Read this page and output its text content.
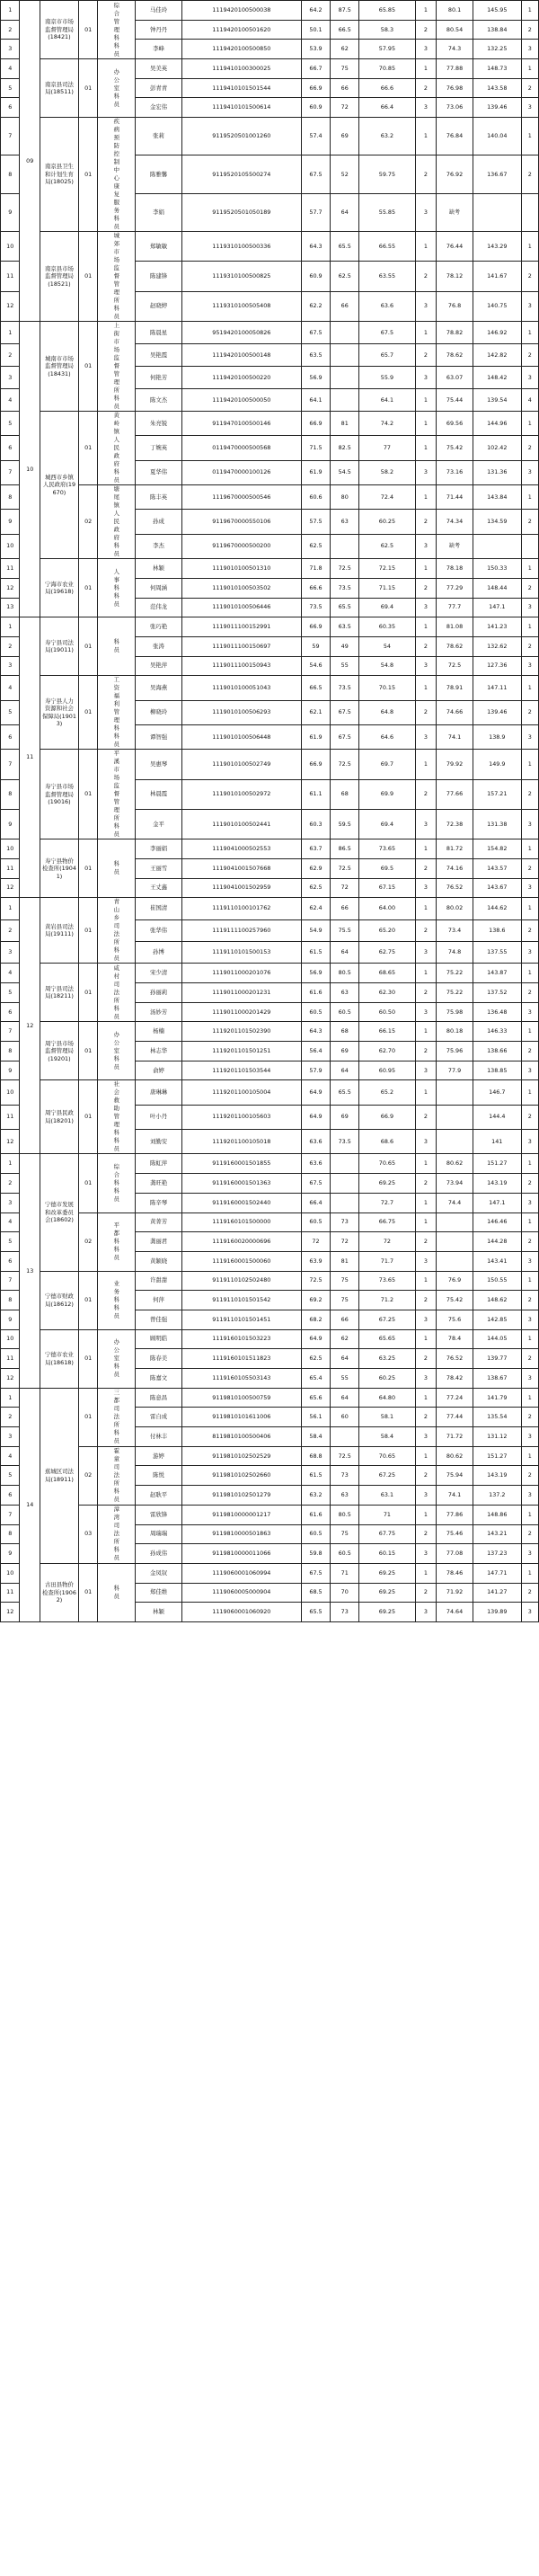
1	09	南京市市场监督管理局(18421)	01	综合管理科科员	马佳玲	1119420100500038	64.2	87.5	65.85	1	80.1	145.95	1
2					钟丹丹	1119420100501620	50.1	66.5	58.3	2	80.54	138.84	2
3					李峰	1119420100500850	53.9	62	57.95	3	74.3	132.25	3
4		南京县司法局(18511)	01	办公室科员	吴美英	1119410100300025	66.7	75	70.85	1	77.88	148.73	1
5					彭青青	1119410101501544	66.9	66	66.6	2	76.98	143.58	2
6					金宏伟	1119410101500614	60.9	72	66.4	3	73.06	139.46	3
7		南京县卫生和计划生育局(18025)	01	疾病预防控制中心康复服务科员	张莉	9119520501001260	57.4	69	63.2	1	76.84	140.04	1
8					陈雅馨	9119520105500274	67.5	52	59.75	2	76.92	136.67	2
9					李娟	9119520501050189	57.7	64	55.85	3	缺考		
10		南京县市场监督管理局(18521)	01	城郊市场监督管理所科员	郑敏敏	1119310100500336	64.3	65.5	66.55	1	76.44	143.29	1
11					陈建锋	1119310100500825	60.9	62.5	63.55	2	78.12	141.67	2
12					赵晓婷	1119310100505408	62.2	66	63.6	3	76.8	140.75	3
1	10	城南市市场监督管理局(18431)	01	上街市场监督管理所科员	陈晨星	9519420100050826	67.5		67.5	1	78.82	146.92	1
2					吴艳霞	1119420100500148	63.5		65.7	2	78.62	142.82	2
3					何艳芳	1119420100500220	56.9		55.9	3	63.07	148.42	3
4					陈文杰	1119420100500050	64.1		64.1	1	75.44	139.54	4
5		城西市乡镇人民政府(19670)	01	黄岭镇人民政府科员	朱亮锐	9119470100500146	66.9	81	74.2	1	69.56	144.96	1
6					丁婉英	0119470000500568	71.5	82.5	77	1	75.42	102.42	2
7					夏华伟	0119470000100126	61.9	54.5	58.2	3	73.16	131.36	3
8			02	塘尾镇人民政府科员	陈丰英	1119670000500546	60.6	80	72.4	1	71.44	143.84	1
9					孙成	9119670000550106	57.5	63	60.25	2	74.34	134.59	2
10					李杰	9119670000500200	62.5		62.5	3	缺考		
11		宁海市农业局(19618)	01	人事科科员	林颖	1119010100501310	71.8	72.5	72.15	1	78.18	150.33	1
12					何周涵	1119010100503502	66.6	73.5	71.15	2	77.29	148.44	2
13					范伟龙	1119010100506446	73.5	65.5	69.4	3	77.7	147.1	3
1	11	寿宁县司法局(19011)	01	科员	张巧艳	1119011100152991	66.9	63.5	60.35	1	81.08	141.23	1
2					张涛	1119011100150697	59	49	54	2	78.62	132.62	2
3					吴艳萍	1119011100150943	54.6	55	54.8	3	72.5	127.36	3
4		寿宁县人力资源和社会保障局(19013)	01	工资福利管理科科员	吴海燕	1119010100051043	66.5	73.5	70.15	1	78.91	147.11	1
5					柳晓玲	1119010100506293	62.1	67.5	64.8	2	74.66	139.46	2
6					谭智强	1119010100506448	61.9	67.5	64.6	3	74.1	138.9	3
7		寿宁县市场监督管理局(19016)	01	平溪市场监督管理所科员	吴惠琴	1119010100502749	66.9	72.5	69.7	1	79.92	149.9	1
8					林晨霞	1119010100502972	61.1	68	69.9	2	77.66	157.21	2
9					金平	1119010100502441	60.3	59.5	69.4	3	72.38	131.38	3
10		寿宁县物价检查所(19041)	01	科员	李丽娟	1119041000502553	63.7	86.5	73.65	1	81.72	154.82	1
11					王丽雪	1119041001507668	62.9	72.5	69.5	2	74.16	143.57	2
12					王丈鑫	1119041001502959	62.5	72	67.15	3	76.52	143.67	3
1	12	黄岩县司法局(19111)	01	青山乡司法所科员	崔国清	1119110100101762	62.4	66	64.00	1	80.02	144.62	1
2					张华伟	1119111100257960	54.9	75.5	65.20	2	73.4	138.6	2
3					孙博	1119110101500153	61.5	64	62.75	3	74.8	137.55	3
4		周宁县司法局(18211)	01	咸村司法所科员	宋少清	1119011000201076	56.9	80.5	68.65	1	75.22	143.87	1
5					孙丽莉	1119011000201231	61.6	63	62.30	2	75.22	137.52	2
6					汤妙芳	1119011000201429	60.5	60.5	60.50	3	75.98	136.48	3
7		周宁县市场监督管理局(19201)	01	办公室科员	杨楠	1119201101502390	64.3	68	66.15	1	80.18	146.33	1
8					林志华	1119201101501251	56.4	69	62.70	2	75.96	138.66	2
9					俞婷	1119201101503544	57.9	64	60.95	3	77.9	138.85	3
10		周宁县民政局(18201)	01	社会救助管理科科员	唐琳琳	1119201100105004	64.9	65.5	65.2	1		146.7	1
11					叶小丹	1119201100105603	64.9	69	66.9	2		144.4	2
12					刘勤安	1119201100105018	63.6	73.5	68.6	3		141	3
1	13	宁德市发展和改革委员会(18602)	01	综合科科员	陈虹萍	9119160001501855	63.6		70.65	1	80.62	151.27	1
2					龚旺艳	9119160001501363	67.5		69.25	2	73.94	143.19	2
3					陈辛琴	9119160001502440	66.4		72.7	1	74.4	147.1	3
4			02	平都科科员	黄菁芳	1119160101500000	60.5	73	66.75	1		146.46	1
5					龚丽君	1119160020000696	72	72	72	2		144.28	2
6					黄颖晓	1119160001500060	63.9	81	71.7	3		143.41	3
7		宁德市财政局(18612)	01	业务科科员	许甜甜	9119110102502480	72.5	75	73.65	1	76.9	150.55	1
8					何萍	9119110101501542	69.2	75	71.2	2	75.42	148.62	2
9					曾佳强	9119110101501451	68.2	66	67.25	3	75.6	142.85	3
10		宁德市农业局(18618)	01	办公室科员	顾明皓	1119160101503223	64.9	62	65.65	1	78.4	144.05	1
11					陈春美	1119160101511823	62.5	64	63.25	2	76.52	139.77	2
12					陈嘉文	1119160105503143	65.4	55	60.25	3	78.42	138.67	3
1	14	蕉城区司法局(18911)	01	三都司法所科员	陈意昌	9119810100500759	65.6	64	64.80	1	77.24	141.79	1
2					雷自成	9119810101611006	56.1	60	58.1	2	77.44	135.54	2
3					付林丰	8119810100500406	58.4		58.4	3	71.72	131.12	3
4			02	霍童司法所科员	游婷	9119810102502529	68.8	72.5	70.65	1	80.62	151.27	1
5					陈悦	9119810102502660	61.5	73	67.25	2	75.94	143.19	2
6					赵耿平	9119810102501279	63.2	63	63.1	3	74.1	137.2	3
7			03	漳湾司法所科员	雷欣锋	9119810000001217	61.6	80.5	71	1	77.86	148.86	1
8					周瑞瑞	9119810000501863	60.5	75	67.75	2	75.46	143.21	2
9					孙成伟	9119810000011066	59.8	60.5	60.15	3	77.08	137.23	3
10		古田县物价检查所(19062)	01	科员	金凤钗	1119060001060994	67.5	71	69.25	1	78.46	147.71	1
11					郑佳维	1119060005000904	68.5	70	69.25	2	71.92	141.27	2
12					林颖	1119060001060920	65.5	73	69.25	3	74.64	139.89	3
